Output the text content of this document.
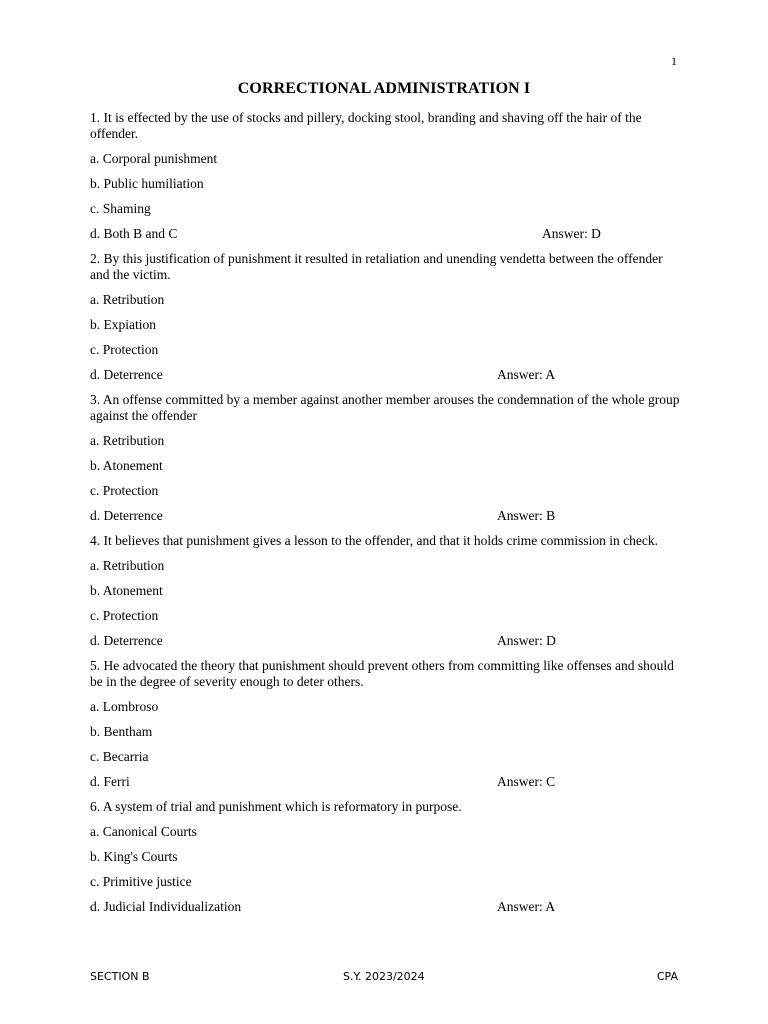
1
CORRECTIONAL ADMINISTRATION I
1. It is effected by the use of stocks and pillery, docking stool, branding and shaving off the hair of the offender.
a. Corporal punishment
b. Public humiliation
c. Shaming
d. Both B and C	Answer: D
2. By this justification of punishment it resulted in retaliation and unending vendetta between the offender and the victim.
a. Retribution
b. Expiation
c. Protection
d. Deterrence	Answer: A
3. An offense committed by a member against another member arouses the condemnation of the whole group against the offender
a. Retribution
b. Atonement
c. Protection
d. Deterrence	Answer: B
4. It believes that punishment gives a lesson to the offender, and that it holds crime commission in check.
a. Retribution
b. Atonement
c. Protection
d. Deterrence	Answer: D
5. He advocated the theory that punishment should prevent others from committing like offenses and should be in the degree of severity enough to deter others.
a. Lombroso
b. Bentham
c. Becarria
d. Ferri	Answer: C
6. A system of trial and punishment which is reformatory in purpose.
a. Canonical Courts
b. King's Courts
c. Primitive justice
d. Judicial Individualization	Answer: A
SECTION B	S.Y. 2023/2024	CPA
